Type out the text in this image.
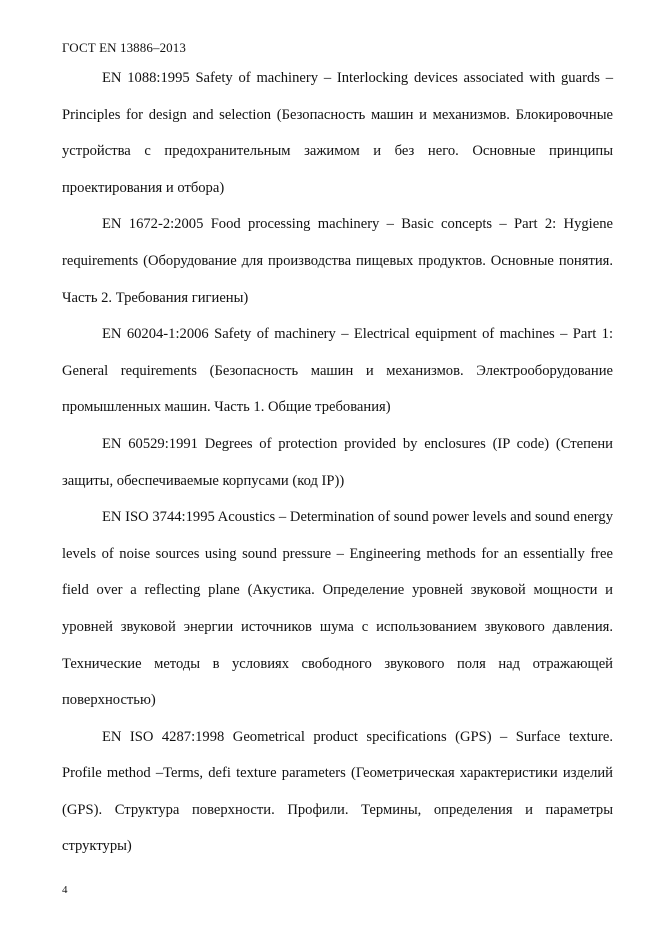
ГОСТ EN 13886–2013

EN 1088:1995 Safety of machinery – Interlocking devices associated with guards – Principles for design and selection (Безопасность машин и механизмов. Блокировочные устройства с предохранительным зажимом и без него. Основные принципы проектирования и отбора)

EN 1672-2:2005 Food processing machinery – Basic concepts – Part 2: Hygiene requirements (Оборудование для производства пищевых продуктов. Основные понятия. Часть 2. Требования гигиены)

EN 60204-1:2006 Safety of machinery – Electrical equipment of machines – Part 1: General requirements (Безопасность машин и механизмов. Электрооборудование промышленных машин. Часть 1. Общие требования)

EN 60529:1991 Degrees of protection provided by enclosures (IP code) (Степени защиты, обеспечиваемые корпусами (код IP))

EN ISO 3744:1995 Acoustics – Determination of sound power levels and sound energy levels of noise sources using sound pressure – Engineering methods for an essentially free field over a reflecting plane (Акустика. Определение уровней звуковой мощности и уровней звуковой энергии источников шума с использованием звукового давления. Технические методы в условиях свободного звукового поля над отражающей поверхностью)

EN ISO 4287:1998 Geometrical product specifications (GPS) – Surface texture. Profile method –Terms, defi texture parameters (Геометрическая характеристики изделий (GPS). Структура поверхности. Профили. Термины, определения и параметры структуры)

4
